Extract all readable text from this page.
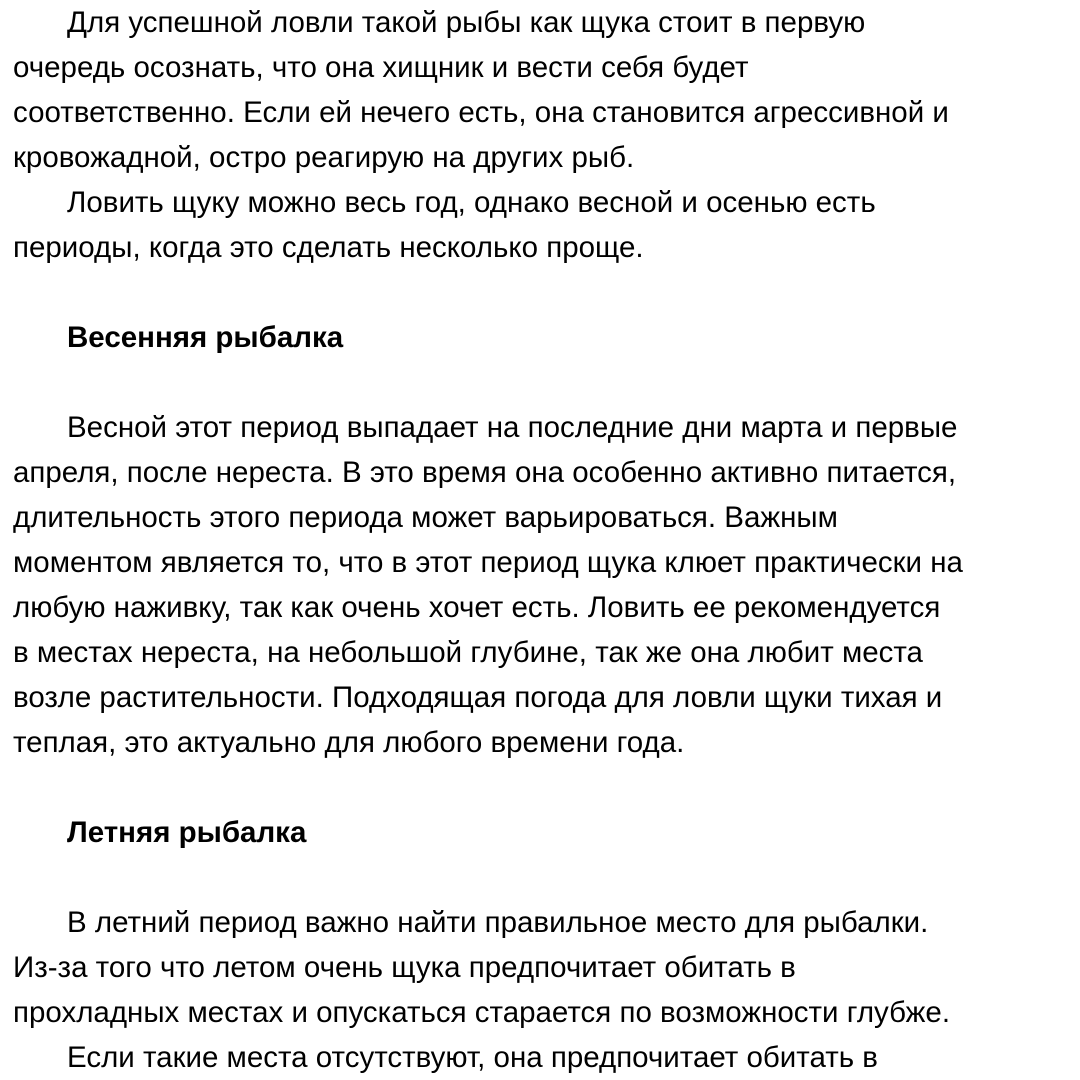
Для успешной ловли такой рыбы как щука стоит в первую
очередь осознать, что она хищник и вести себя будет
соответственно. Если ей нечего есть, она становится агрессивной и
кровожадной, остро реагирую на других рыб.
Ловить щуку можно весь год, однако весной и осенью есть
периоды, когда это сделать несколько проще.
Весенняя рыбалка
Весной этот период выпадает на последние дни марта и первые
апреля, после нереста. В это время она особенно активно питается,
длительность этого периода может варьироваться. Важным
моментом является то, что в этот период щука клюет практически на
любую наживку, так как очень хочет есть. Ловить ее рекомендуется
в местах нереста, на небольшой глубине, так же она любит места
возле растительности. Подходящая погода для ловли щуки тихая и
теплая, это актуально для любого времени года.
Летняя рыбалка
В летний период важно найти правильное место для рыбалки.
Из-за того что летом очень щука предпочитает обитать в
прохладных местах и опускаться старается по возможности глубже.
Если такие места отсутствуют, она предпочитает обитать в
